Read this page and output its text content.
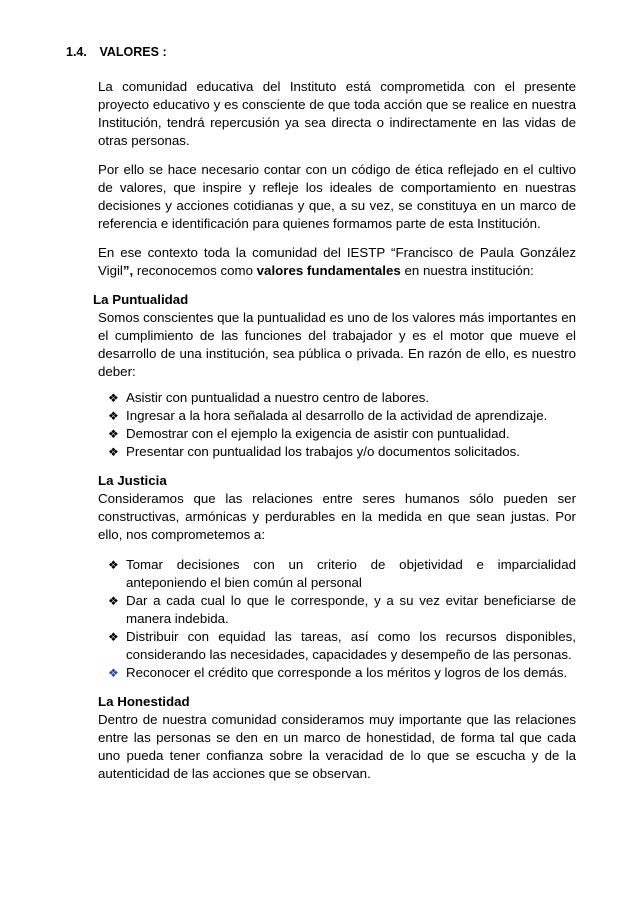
1.4. VALORES :

La comunidad educativa del Instituto está comprometida con el presente proyecto educativo y es consciente de que toda acción que se realice en nuestra Institución, tendrá repercusión ya sea directa o indirectamente en las vidas de otras personas.

Por ello se hace necesario contar con un código de ética reflejado en el cultivo de valores, que inspire y refleje los ideales de comportamiento en nuestras decisiones y acciones cotidianas y que, a su vez, se constituya en un marco de referencia e identificación para quienes formamos parte de esta Institución.

En ese contexto toda la comunidad del IESTP “Francisco de Paula González Vigil”, reconocemos como valores fundamentales en nuestra institución:

La Puntualidad

Somos conscientes que la puntualidad es uno de los valores más importantes en el cumplimiento de las funciones del trabajador y es el motor que mueve el desarrollo de una institución, sea pública o privada. En razón de ello, es nuestro deber:

❖ Asistir con puntualidad a nuestro centro de labores.
❖ Ingresar a la hora señalada al desarrollo de la actividad de aprendizaje.
❖ Demostrar con el ejemplo la exigencia de asistir con puntualidad.
❖ Presentar con puntualidad los trabajos y/o documentos solicitados.
La Justicia

Consideramos que las relaciones entre seres humanos sólo pueden ser constructivas, armónicas y perdurables en la medida en que sean justas. Por ello, nos comprometemos a:

❖ Tomar decisiones con un criterio de objetividad e imparcialidad anteponiendo el bien común al personal
❖ Dar a cada cual lo que le corresponde, y a su vez evitar beneficiarse de manera indebida.
❖ Distribuir con equidad las tareas, así como los recursos disponibles, considerando las necesidades, capacidades y desempeño de las personas.
❖ Reconocer el crédito que corresponde a los méritos y logros de los demás.
La Honestidad

Dentro de nuestra comunidad consideramos muy importante que las relaciones entre las personas se den en un marco de honestidad, de forma tal que cada uno pueda tener confianza sobre la veracidad de lo que se escucha y de la autenticidad de las acciones que se observan.
